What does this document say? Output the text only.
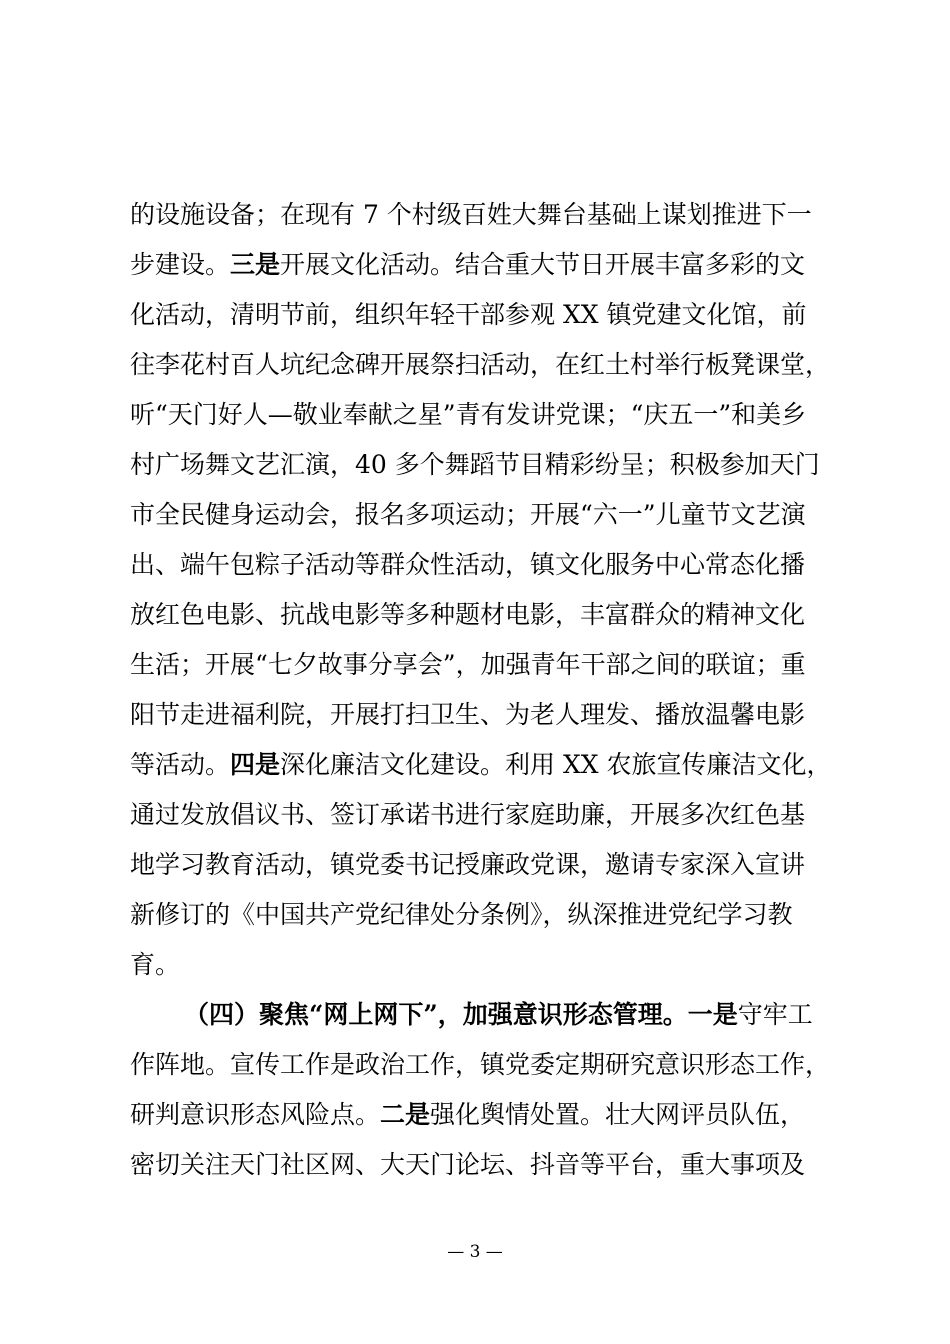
的设施设备；在现有 7 个村级百姓大舞台基础上谋划推进下一
步建设。三是开展文化活动。结合重大节日开展丰富多彩的文
化活动，清明节前，组织年轻干部参观 XX 镇党建文化馆，前
往李花村百人坑纪念碑开展祭扫活动，在红土村举行板凳课堂，
听“天门好人—敬业奉献之星”青有发讲党课；“庆五一”和美乡
村广场舞文艺汇演，40 多个舞蹈节目精彩纷呈；积极参加天门
市全民健身运动会，报名多项运动；开展“六一”儿童节文艺演
出、端午包粽子活动等群众性活动，镇文化服务中心常态化播
放红色电影、抗战电影等多种题材电影，丰富群众的精神文化
生活；开展“七夕故事分享会”，加强青年干部之间的联谊；重
阳节走进福利院，开展打扫卫生、为老人理发、播放温馨电影
等活动。四是深化廉洁文化建设。利用 XX 农旅宣传廉洁文化，
通过发放倡议书、签订承诺书进行家庭助廉，开展多次红色基
地学习教育活动，镇党委书记授廉政党课，邀请专家深入宣讲
新修订的《中国共产党纪律处分条例》，纵深推进党纪学习教
育。
（四）聚焦“网上网下”，加强意识形态管理。一是守牢工
作阵地。宣传工作是政治工作，镇党委定期研究意识形态工作，
研判意识形态风险点。二是强化舆情处置。壮大网评员队伍，
密切关注天门社区网、大天门论坛、抖音等平台，重大事项及
— 3 —
